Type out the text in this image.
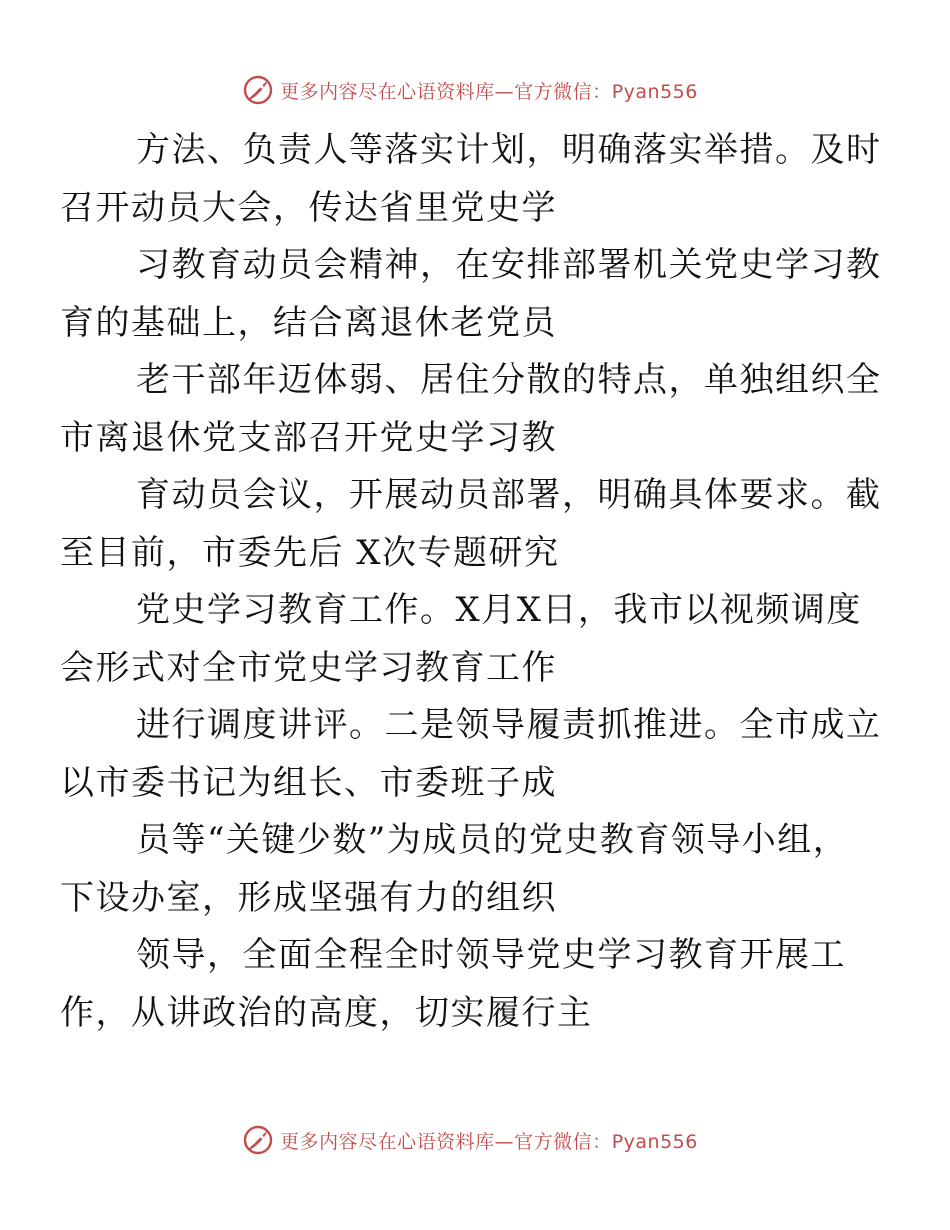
更多内容尽在心语资料库—官方微信：Pyan556

方法、负责人等落实计划，明确落实举措。及时
召开动员大会，传达省里党史学

习教育动员会精神，在安排部署机关党史学习教
育的基础上，结合离退休老党员

老干部年迈体弱、居住分散的特点，单独组织全
市离退休党支部召开党史学习教

育动员会议，开展动员部署，明确具体要求。截
至目前，市委先后 X次专题研究

党史学习教育工作。X月X日，我市以视频调度
会形式对全市党史学习教育工作

进行调度讲评。二是领导履责抓推进。全市成立
以市委书记为组长、市委班子成

员等“关键少数”为成员的党史教育领导小组，
下设办室，形成坚强有力的组织

领导，全面全程全时领导党史学习教育开展工
作，从讲政治的高度，切实履行主

更多内容尽在心语资料库—官方微信：Pyan556
